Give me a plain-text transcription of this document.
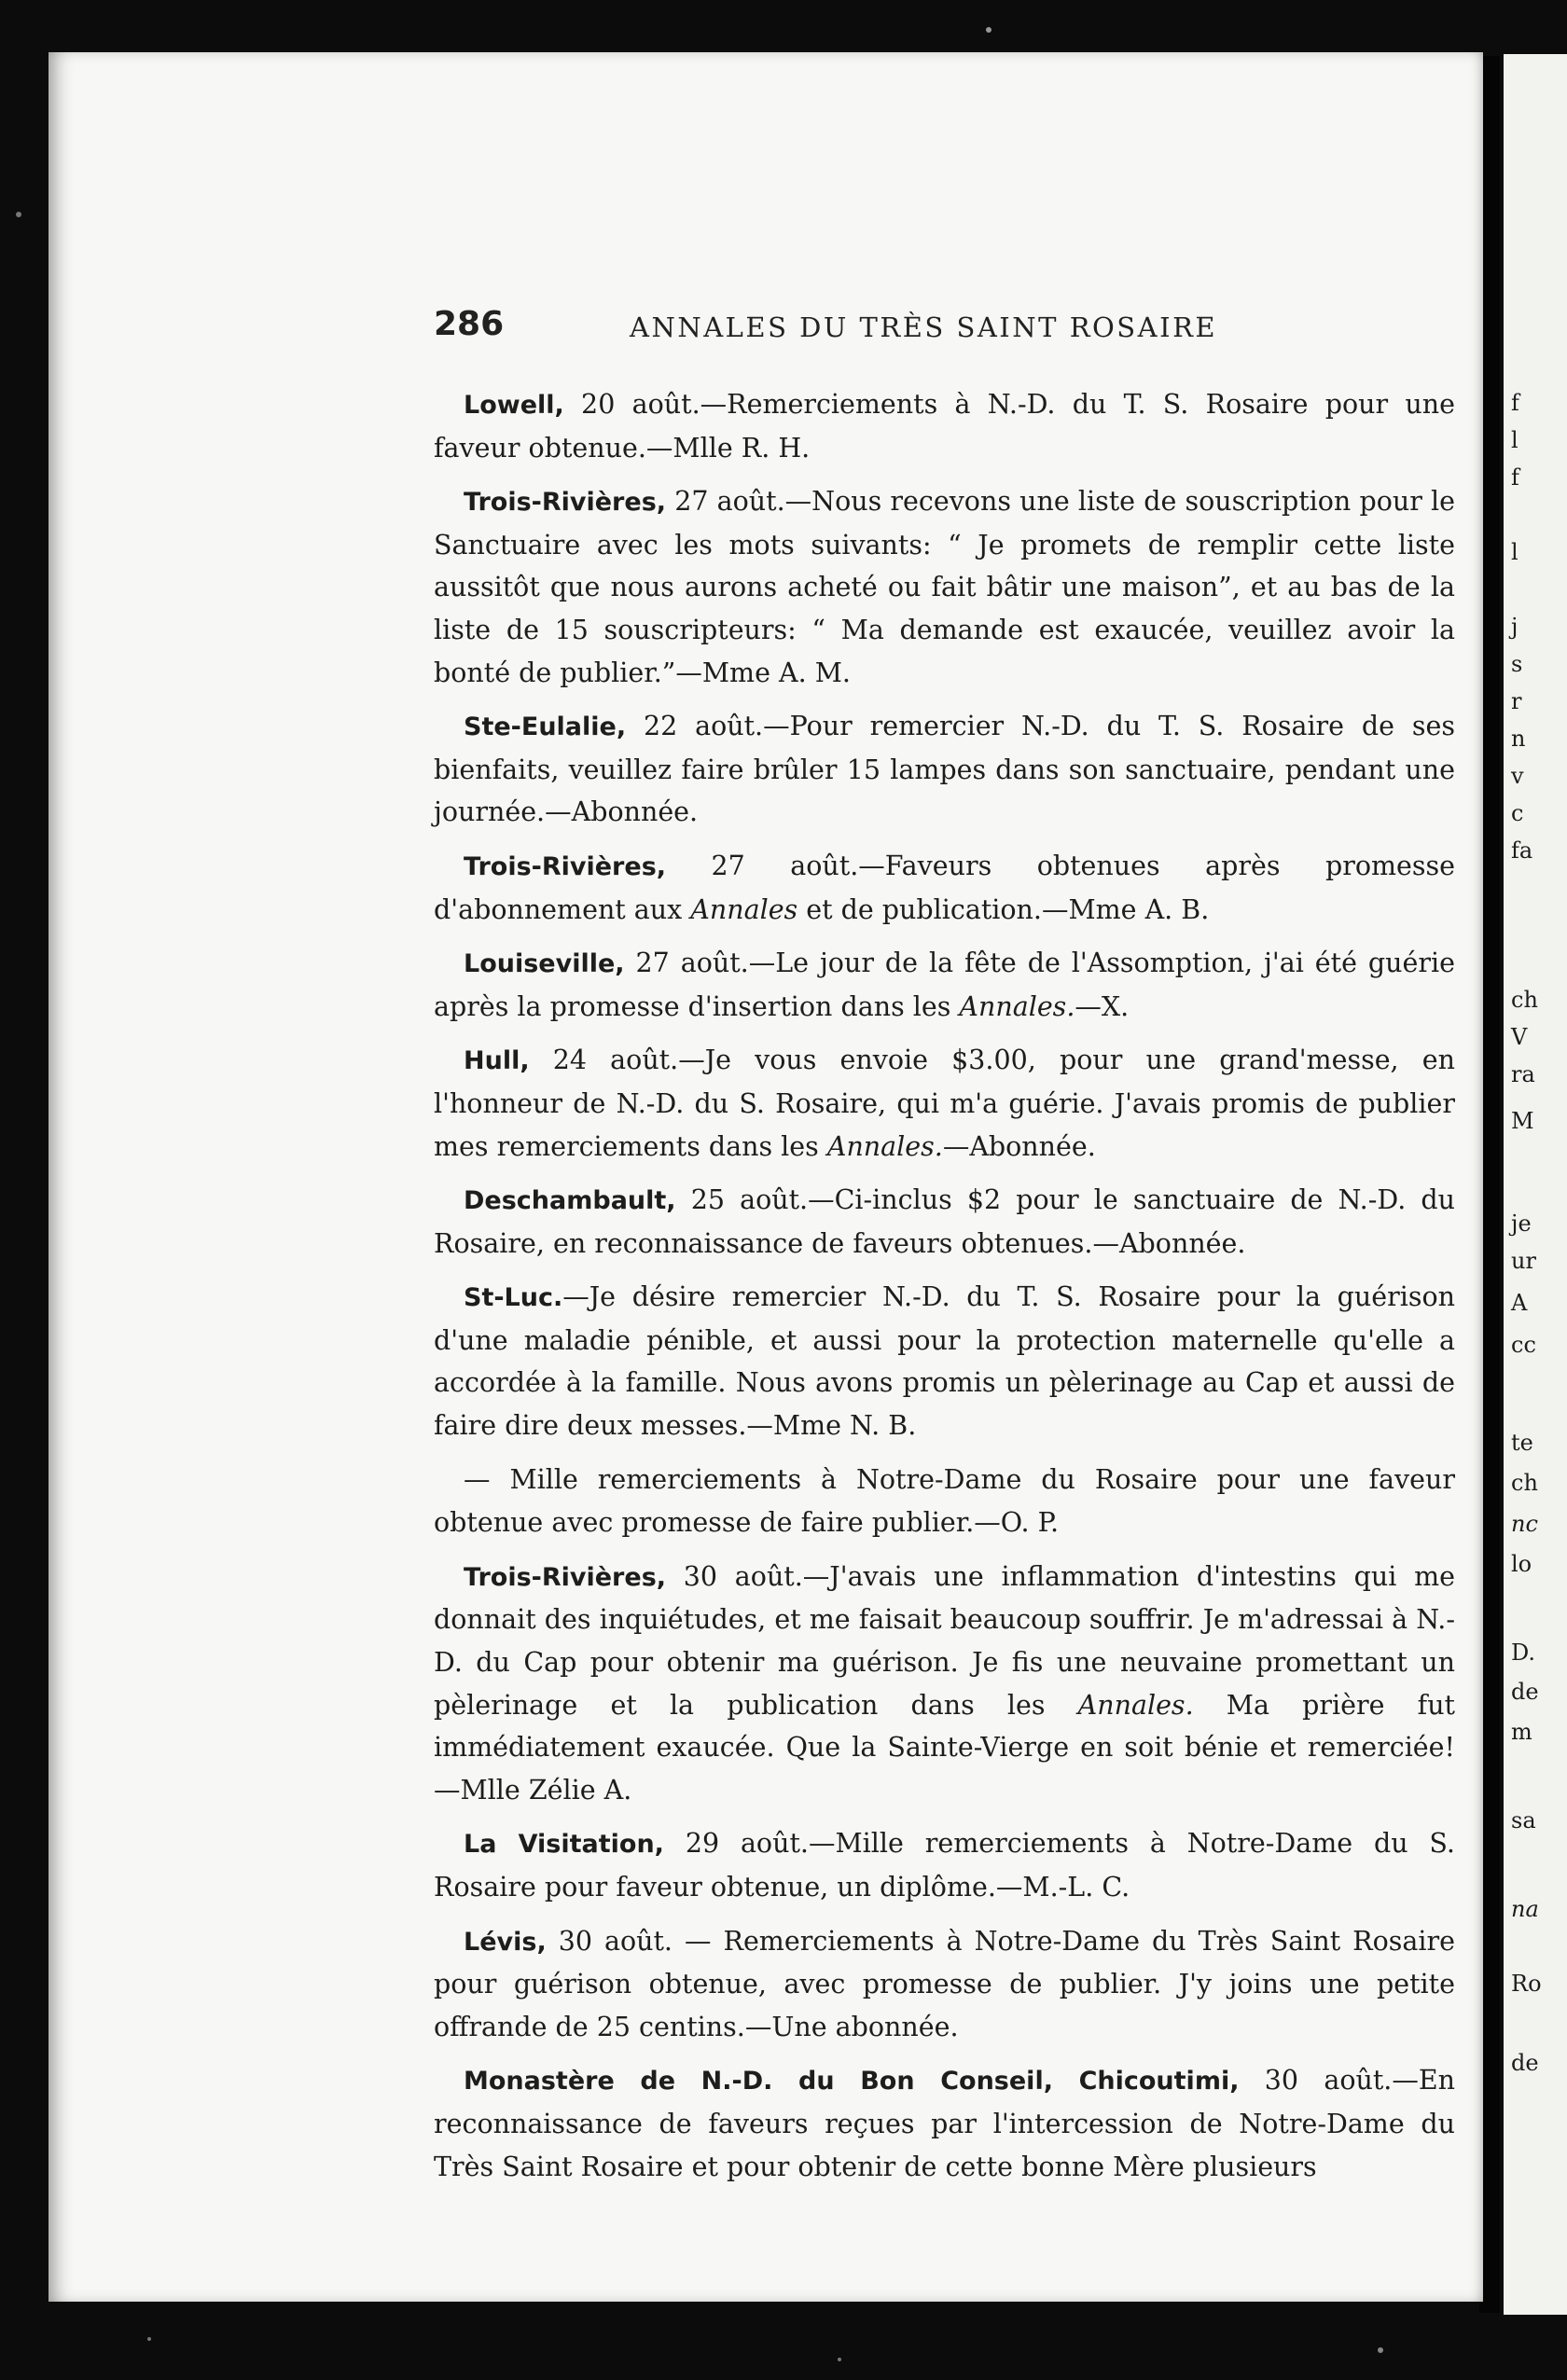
f
l
f
l
j
s
r
n
v
c
fa
ch
V
ra
M
je
ur
A
cc
te
ch
nc
lo
D.
de
m
sa
na
Ro
de
286	ANNALES DU TRÈS SAINT ROSAIRE

Lowell, 20 août.—Remerciements à N.-D. du T. S. Rosaire pour une faveur obtenue.—Mlle R. H.

Trois-Rivières, 27 août.—Nous recevons une liste de souscription pour le Sanctuaire avec les mots suivants: “ Je promets de remplir cette liste aussitôt que nous aurons acheté ou fait bâtir une maison”, et au bas de la liste de 15 souscripteurs: “ Ma demande est exaucée, veuillez avoir la bonté de publier.”—Mme A. M.

Ste-Eulalie, 22 août.—Pour remercier N.-D. du T. S. Rosaire de ses bienfaits, veuillez faire brûler 15 lampes dans son sanctuaire, pendant une journée.—Abonnée.

Trois-Rivières, 27 août.—Faveurs obtenues après promesse d'abonnement aux Annales et de publication.—Mme A. B.

Louiseville, 27 août.—Le jour de la fête de l'Assomption, j'ai été guérie après la promesse d'insertion dans les Annales.—X.

Hull, 24 août.—Je vous envoie $3.00, pour une grand'messe, en l'honneur de N.-D. du S. Rosaire, qui m'a guérie. J'avais promis de publier mes remerciements dans les Annales.—Abonnée.

Deschambault, 25 août.—Ci-inclus $2 pour le sanctuaire de N.-D. du Rosaire, en reconnaissance de faveurs obtenues.—Abonnée.

St-Luc.—Je désire remercier N.-D. du T. S. Rosaire pour la guérison d'une maladie pénible, et aussi pour la protection maternelle qu'elle a accordée à la famille. Nous avons promis un pèlerinage au Cap et aussi de faire dire deux messes.—Mme N. B.

— Mille remerciements à Notre-Dame du Rosaire pour une faveur obtenue avec promesse de faire publier.—O. P.

Trois-Rivières, 30 août.—J'avais une inflammation d'intestins qui me donnait des inquiétudes, et me faisait beaucoup souffrir. Je m'adressai à N.-D. du Cap pour obtenir ma guérison. Je fis une neuvaine promettant un pèlerinage et la publication dans les Annales. Ma prière fut immédiatement exaucée. Que la Sainte-Vierge en soit bénie et remerciée!—Mlle Zélie A.

La Visitation, 29 août.—Mille remerciements à Notre-Dame du S. Rosaire pour faveur obtenue, un diplôme.—M.-L. C.

Lévis, 30 août. — Remerciements à Notre-Dame du Très Saint Rosaire pour guérison obtenue, avec promesse de publier. J'y joins une petite offrande de 25 centins.—Une abonnée.

Monastère de N.-D. du Bon Conseil, Chicoutimi, 30 août.—En reconnaissance de faveurs reçues par l'intercession de Notre-Dame du Très Saint Rosaire et pour obtenir de cette bonne Mère plusieurs
